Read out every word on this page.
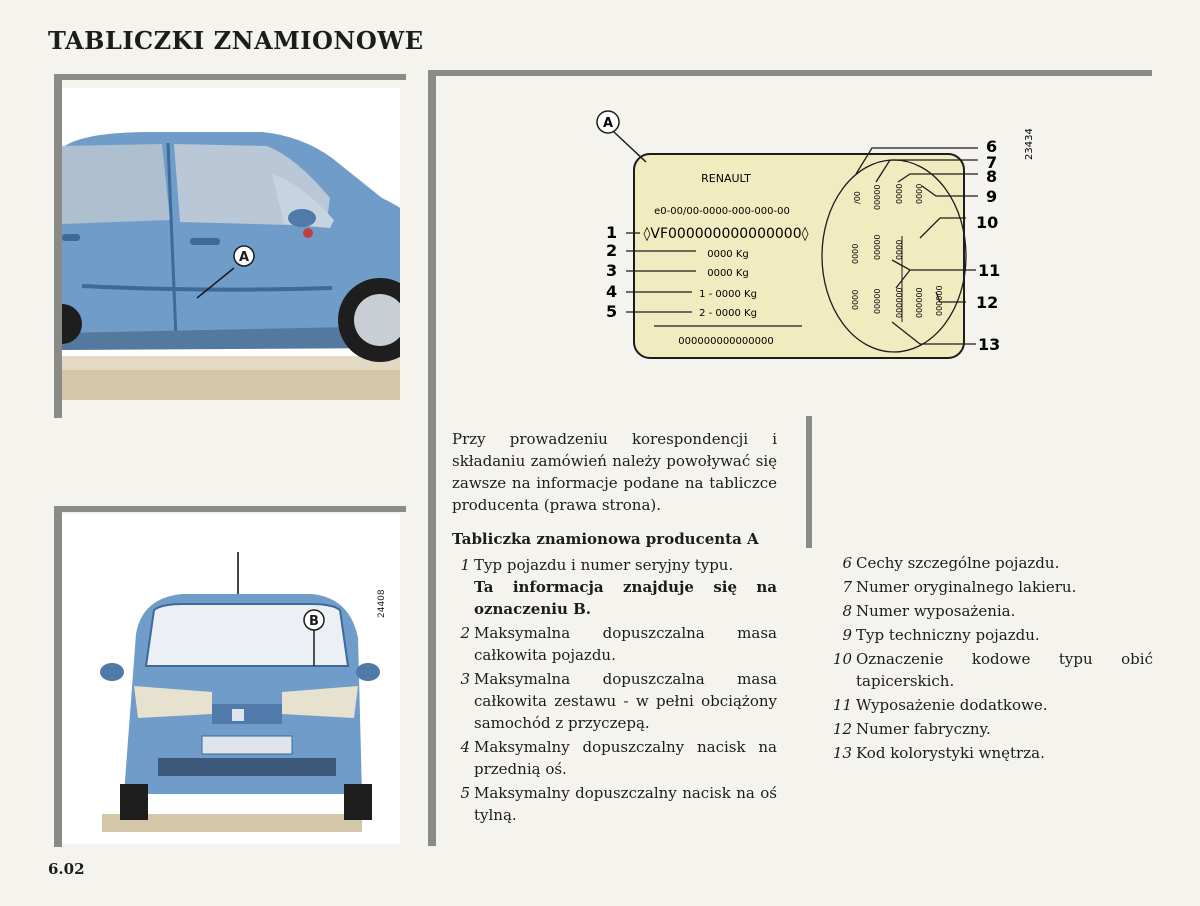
TABLICZKI ZNAMIONOWE
A
B
24408
A
23434
RENAULT
e0-00/00-0000-000-000-00
◊VF000000000000000◊
0000 Kg
0000 Kg
1 - 0000 Kg
2 - 0000 Kg
000000000000000
/00 00000 0000 0000
0000 00000 0000
0000 00000 000000 000000 000000
1
2
3
4
5
6
7
8
9
10
11
12
13
Przy prowadzeniu korespondencji i składaniu zamówień należy powoływać się zawsze na informacje podane na tabliczce producenta (prawa strona).
Tabliczka znamionowa producenta A
1 Typ pojazdu i numer seryjny typu.
Ta informacja znajduje się na oznaczeniu B.
2 Maksymalna dopuszczalna masa całkowita pojazdu.
3 Maksymalna dopuszczalna masa całkowita zestawu - w pełni obciążony samochód z przyczepą.
4 Maksymalny dopuszczalny nacisk na przednią oś.
5 Maksymalny dopuszczalny nacisk na oś tylną.
6 Cechy szczególne pojazdu.
7 Numer oryginalnego lakieru.
8 Numer wyposażenia.
9 Typ techniczny pojazdu.
10 Oznaczenie kodowe typu obić tapicerskich.
11 Wyposażenie dodatkowe.
12 Numer fabryczny.
13 Kod kolorystyki wnętrza.
6.02
